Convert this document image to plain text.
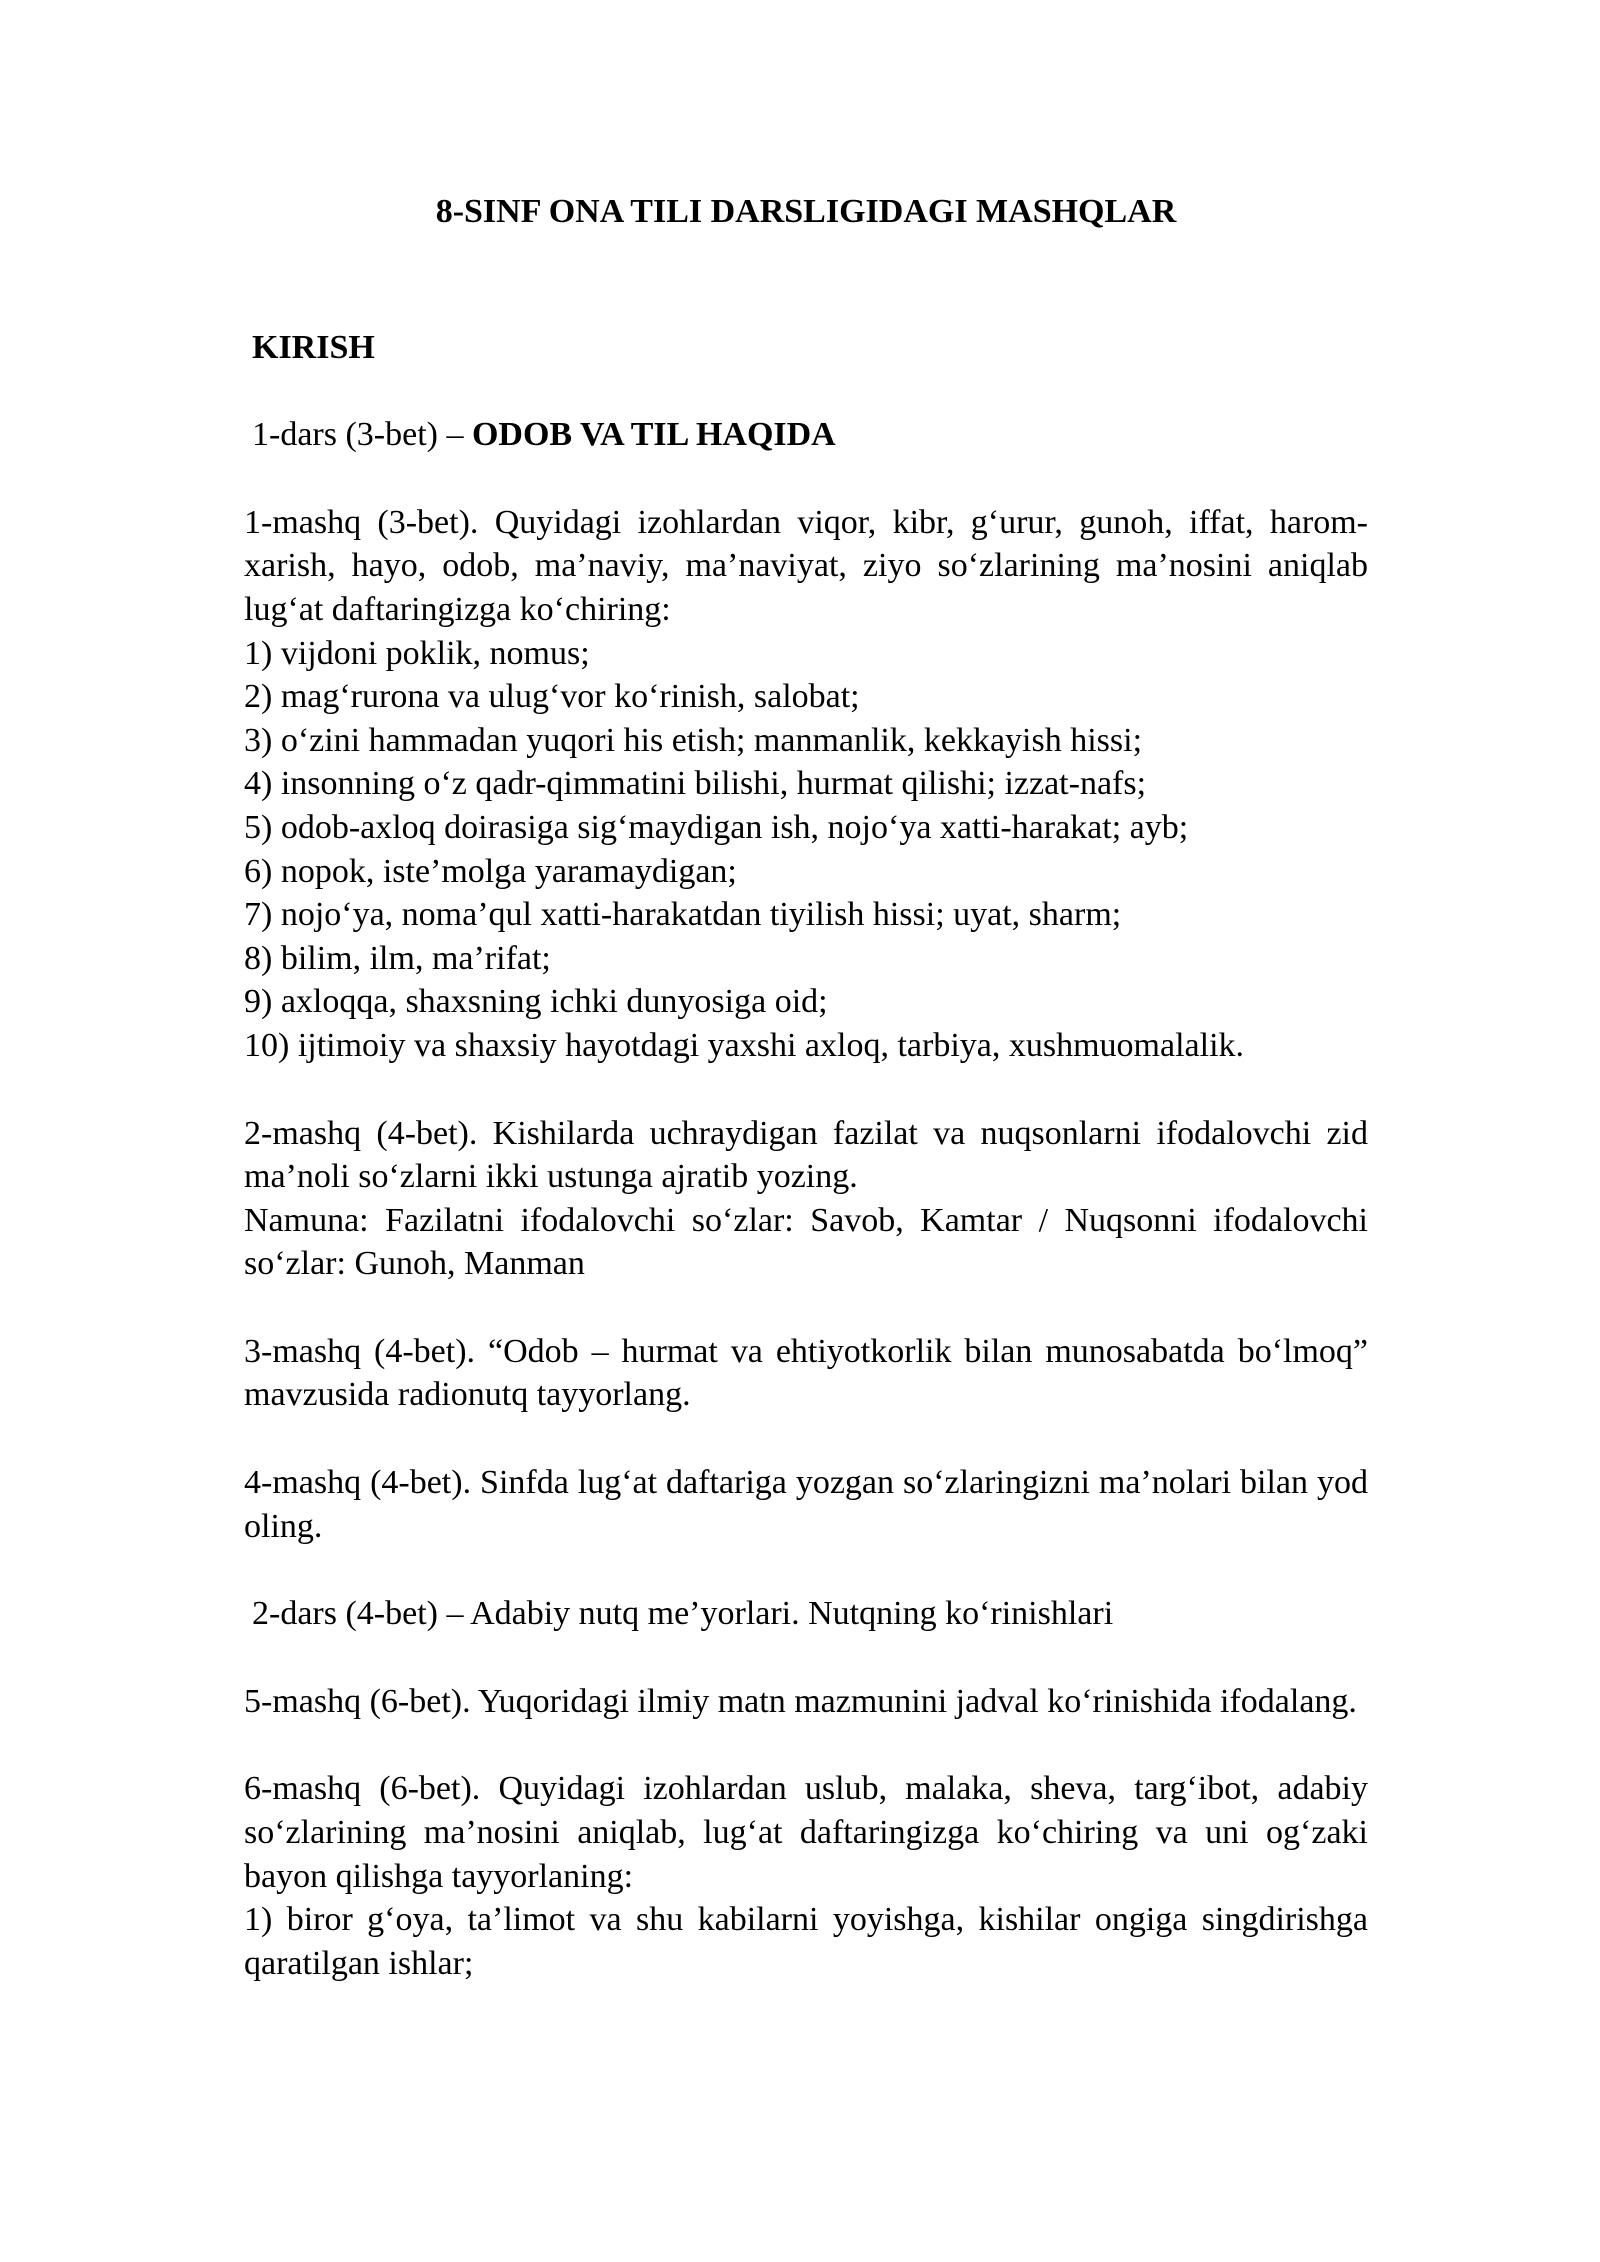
8-SINF ONA TILI DARSLIGIDAGI MASHQLAR
KIRISH
1-dars (3-bet) – ODOB VA TIL HAQIDA

1-mashq (3-bet). Quyidagi izohlardan viqor, kibr, g‘urur, gunoh, iffat, harom-xarish, hayo, odob, ma’naviy, ma’naviyat, ziyo so‘zlarining ma’nosini aniqlab lug‘at daftaringizga ko‘chiring:

1) vijdoni poklik, nomus;

2) mag‘rurona va ulug‘vor ko‘rinish, salobat;

3) o‘zini hammadan yuqori his etish; manmanlik, kekkayish hissi;

4) insonning o‘z qadr-qimmatini bilishi, hurmat qilishi; izzat-nafs;

5) odob-axloq doirasiga sig‘maydigan ish, nojo‘ya xatti-harakat; ayb;

6) nopok, iste’molga yaramaydigan;

7) nojo‘ya, noma’qul xatti-harakatdan tiyilish hissi; uyat, sharm;

8) bilim, ilm, ma’rifat;

9) axloqqa, shaxsning ichki dunyosiga oid;

10) ijtimoiy va shaxsiy hayotdagi yaxshi axloq, tarbiya, xushmuomalalik.

2-mashq (4-bet). Kishilarda uchraydigan fazilat va nuqsonlarni ifodalovchi zid ma’noli so‘zlarni ikki ustunga ajratib yozing.

Namuna: Fazilatni ifodalovchi so‘zlar: Savob, Kamtar / Nuqsonni ifodalovchi so‘zlar: Gunoh, Manman

3-mashq (4-bet). “Odob – hurmat va ehtiyotkorlik bilan munosabatda bo‘lmoq” mavzusida radionutq tayyorlang.

4-mashq (4-bet). Sinfda lug‘at daftariga yozgan so‘zlaringizni ma’nolari bilan yod oling.

2-dars (4-bet) – Adabiy nutq me’yorlari. Nutqning ko‘rinishlari

5-mashq (6-bet). Yuqoridagi ilmiy matn mazmunini jadval ko‘rinishida ifodalang.

6-mashq (6-bet). Quyidagi izohlardan uslub, malaka, sheva, targ‘ibot, adabiy so‘zlarining ma’nosini aniqlab, lug‘at daftaringizga ko‘chiring va uni og‘zaki bayon qilishga tayyorlaning:

1) biror g‘oya, ta’limot va shu kabilarni yoyishga, kishilar ongiga singdirishga qaratilgan ishlar;
